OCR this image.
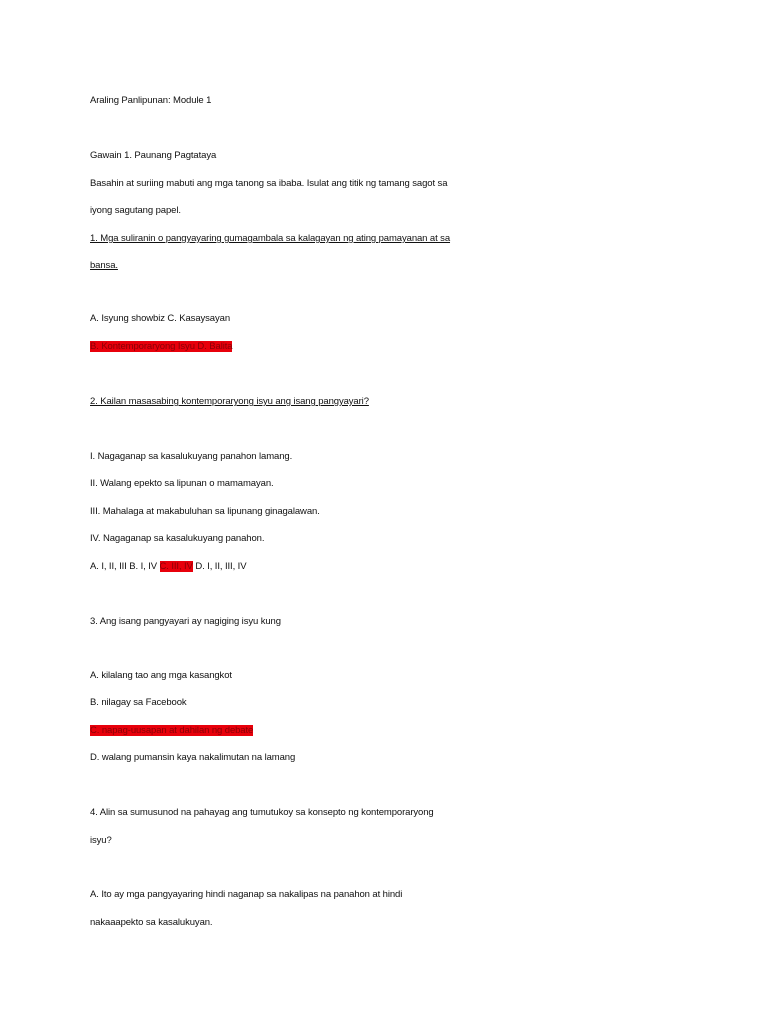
Araling Panlipunan: Module 1
Gawain 1. Paunang Pagtataya
Basahin at suriing mabuti ang mga tanong sa ibaba. Isulat ang titik ng tamang sagot sa
iyong sagutang papel.
1. Mga suliranin o pangyayaring gumagambala sa kalagayan ng ating pamayanan at sa
bansa.
A. Isyung showbiz C. Kasaysayan
B. Kontemporaryong Isyu D. Balita
2. Kailan masasabing kontemporaryong isyu ang isang pangyayari?
I. Nagaganap sa kasalukuyang panahon lamang.
II. Walang epekto sa lipunan o mamamayan.
III. Mahalaga at makabuluhan sa lipunang ginagalawan.
IV. Nagaganap sa kasalukuyang panahon.
A. I, II, III B. I, IV C. III, IV D. I, II, III, IV
3. Ang isang pangyayari ay nagiging isyu kung
A. kilalang tao ang mga kasangkot
B. nilagay sa Facebook
C. napag-uusapan at dahilan ng debate
D. walang pumansin kaya nakalimutan na lamang
4. Alin sa sumusunod na pahayag ang tumutukoy sa konsepto ng kontemporaryong
isyu?
A. Ito ay mga pangyayaring hindi naganap sa nakalipas na panahon at hindi
nakaaapekto sa kasalukuyan.
